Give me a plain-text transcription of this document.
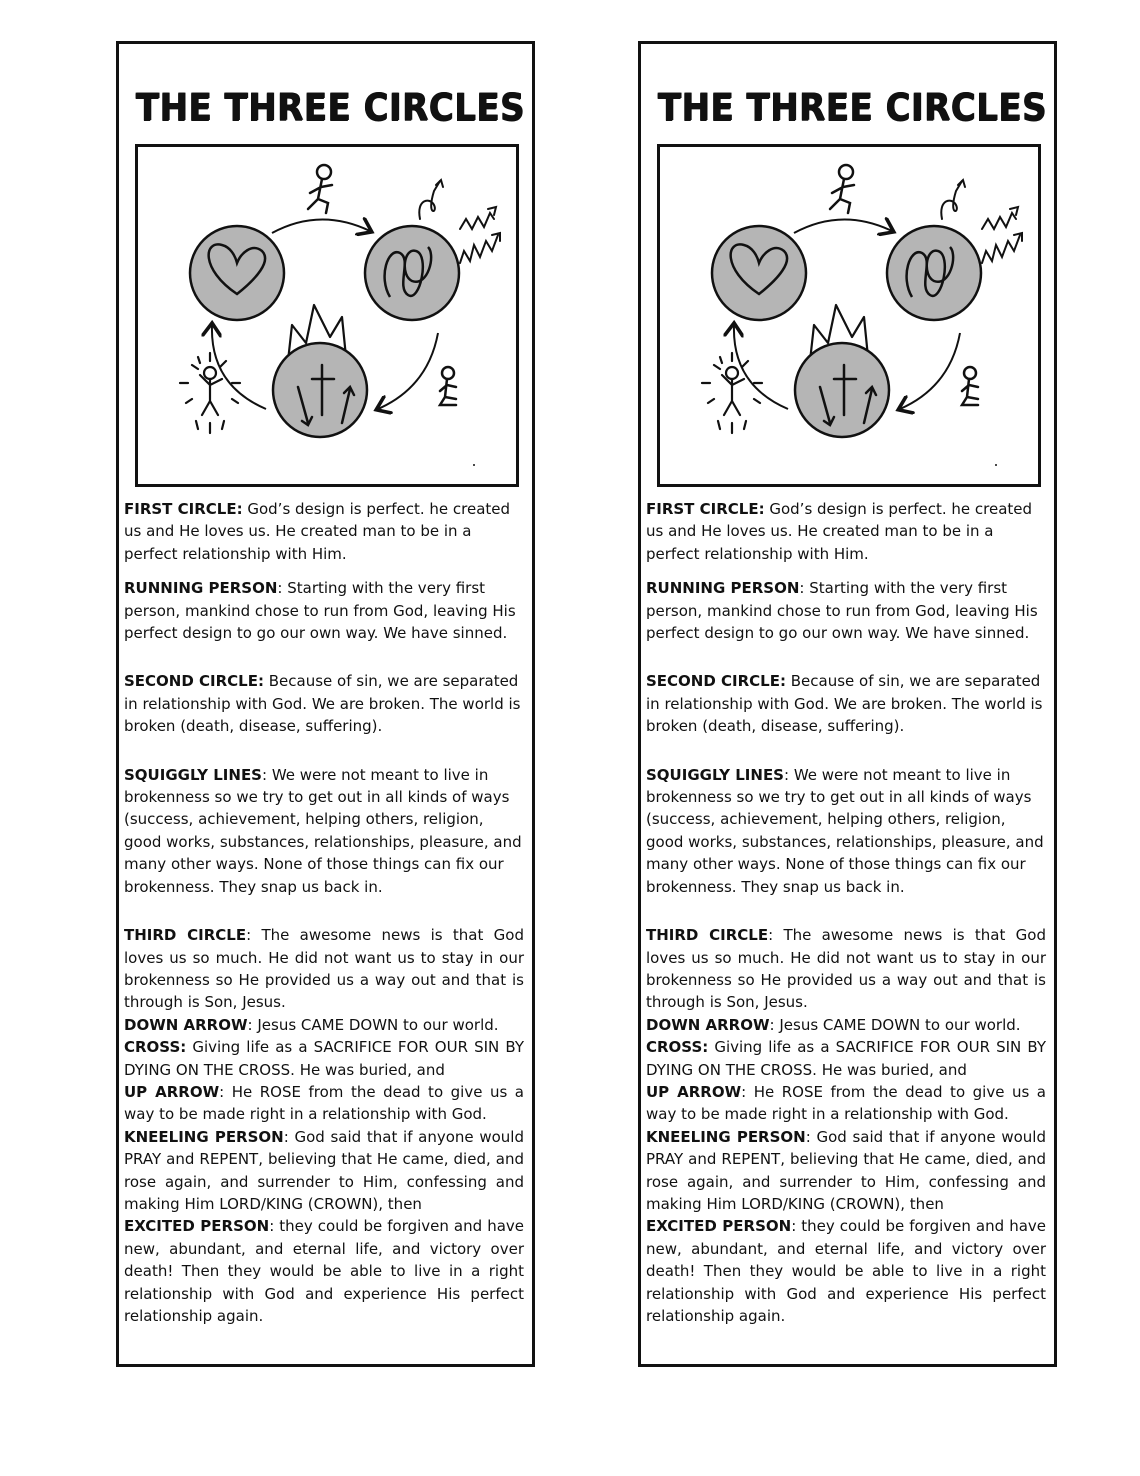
THE THREE CIRCLES

FIRST CIRCLE: God’s design is perfect. he created us and He loves us. He created man to be in a perfect relationship with Him.

RUNNING PERSON: Starting with the very first person, mankind chose to run from God, leaving His perfect design to go our own way. We have sinned.

SECOND CIRCLE: Because of sin, we are separated in relationship with God. We are broken. The world is broken (death, disease, suffering).

SQUIGGLY LINES: We were not meant to live in brokenness so we try to get out in all kinds of ways (success, achievement, helping others, religion, good works, substances, relationships, pleasure, and many other ways. None of those things can fix our brokenness. They snap us back in.

THIRD CIRCLE: The awesome news is that God loves us so much. He did not want us to stay in our brokenness so He provided us a way out and that is through is Son, Jesus.

DOWN ARROW: Jesus CAME DOWN to our world.

CROSS: Giving life as a SACRIFICE FOR OUR SIN BY DYING ON THE CROSS. He was buried, and

UP ARROW: He ROSE from the dead to give us a way to be made right in a relationship with God.

KNEELING PERSON: God said that if anyone would PRAY and REPENT, believing that He came, died, and rose again, and surrender to Him, confessing and making Him LORD/KING (CROWN), then

EXCITED PERSON: they could be forgiven and have new, abundant, and eternal life, and victory over death! Then they would be able to live in a right relationship with God and experience His perfect relationship again.

THE THREE CIRCLES

FIRST CIRCLE: God’s design is perfect. he created us and He loves us. He created man to be in a perfect relationship with Him.

RUNNING PERSON: Starting with the very first person, mankind chose to run from God, leaving His perfect design to go our own way. We have sinned.

SECOND CIRCLE: Because of sin, we are separated in relationship with God. We are broken. The world is broken (death, disease, suffering).

SQUIGGLY LINES: We were not meant to live in brokenness so we try to get out in all kinds of ways (success, achievement, helping others, religion, good works, substances, relationships, pleasure, and many other ways. None of those things can fix our brokenness. They snap us back in.

THIRD CIRCLE: The awesome news is that God loves us so much. He did not want us to stay in our brokenness so He provided us a way out and that is through is Son, Jesus.

DOWN ARROW: Jesus CAME DOWN to our world.

CROSS: Giving life as a SACRIFICE FOR OUR SIN BY DYING ON THE CROSS. He was buried, and

UP ARROW: He ROSE from the dead to give us a way to be made right in a relationship with God.

KNEELING PERSON: God said that if anyone would PRAY and REPENT, believing that He came, died, and rose again, and surrender to Him, confessing and making Him LORD/KING (CROWN), then

EXCITED PERSON: they could be forgiven and have new, abundant, and eternal life, and victory over death! Then they would be able to live in a right relationship with God and experience His perfect relationship again.
